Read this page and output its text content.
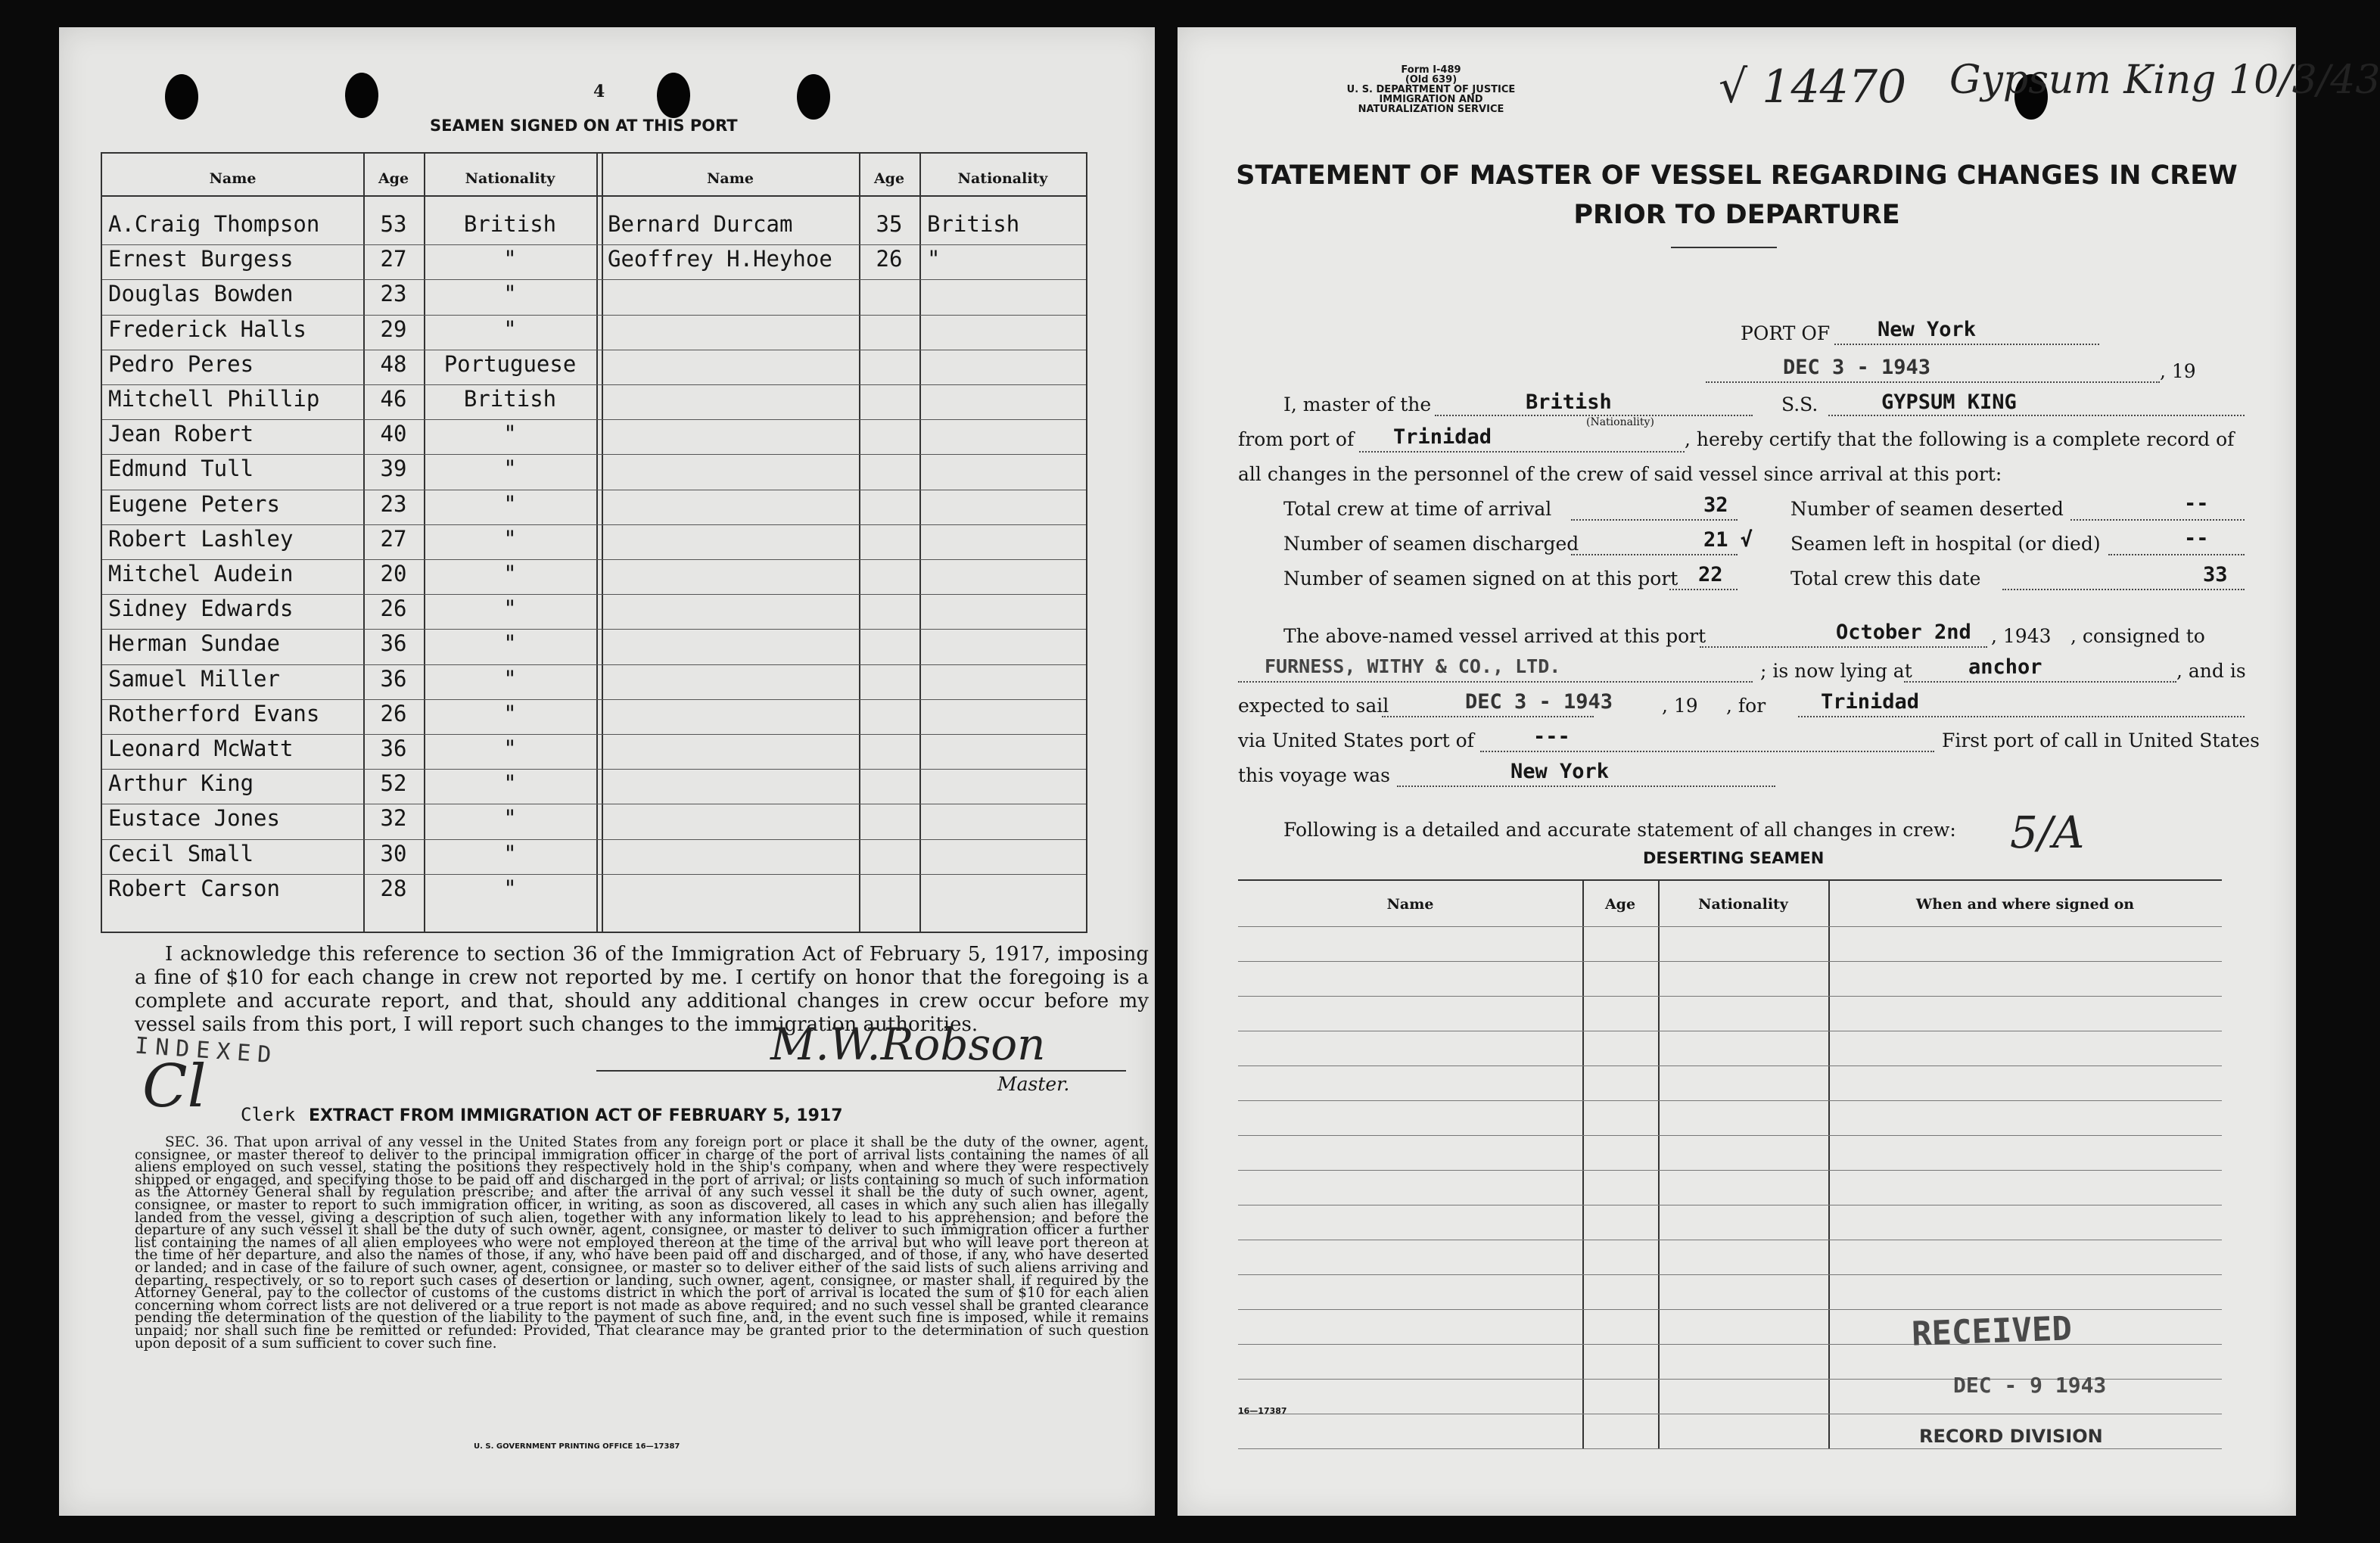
4
SEAMEN SIGNED ON AT THIS PORT
Name	Age	Nationality	Name	Age	Nationality
A.Craig Thompson	53	British	Bernard Durcam	35	British
Ernest Burgess	27	"	Geoffrey H.Heyhoe	26	"
Douglas Bowden	23	"
Frederick Halls	29	"
Pedro Peres	48	Portuguese
Mitchell Phillip	46	British
Jean Robert	40	"
Edmund Tull	39	"
Eugene Peters	23	"
Robert Lashley	27	"
Mitchel Audein	20	"
Sidney Edwards	26	"
Herman Sundae	36	"
Samuel Miller	36	"
Rotherford Evans	26	"
Leonard McWatt	36	"
Arthur King	52	"
Eustace Jones	32	"
Cecil Small	30	"
Robert Carson	28	"
I acknowledge this reference to section 36 of the Immigration Act of February 5, 1917, imposing a fine of $10 for each change in crew not reported by me. I certify on honor that the foregoing is a complete and accurate report, and that, should any additional changes in crew occur before my vessel sails from this port, I will report such changes to the immigration authorities.
M.W.Robson
Master.
INDEXED
Cl Clerk EXTRACT FROM IMMIGRATION ACT OF FEBRUARY 5, 1917
SEC. 36. That upon arrival of any vessel in the United States from any foreign port or place it shall be the duty of the owner, agent, consignee, or master thereof to deliver to the principal immigration officer in charge of the port of arrival lists containing the names of all aliens employed on such vessel, stating the positions they respectively hold in the ship's company, when and where they were respectively shipped or engaged, and specifying those to be paid off and discharged in the port of arrival; or lists containing so much of such information as the Attorney General shall by regulation prescribe; and after the arrival of any such vessel it shall be the duty of such owner, agent, consignee, or master to report to such immigration officer, in writing, as soon as discovered, all cases in which any such alien has illegally landed from the vessel, giving a description of such alien, together with any information likely to lead to his apprehension; and before the departure of any such vessel it shall be the duty of such owner, agent, consignee, or master to deliver to such immigration officer a further list containing the names of all alien employees who were not employed thereon at the time of the arrival but who will leave port thereon at the time of her departure, and also the names of those, if any, who have been paid off and discharged, and of those, if any, who have deserted or landed; and in case of the failure of such owner, agent, consignee, or master so to deliver either of the said lists of such aliens arriving and departing, respectively, or so to report such cases of desertion or landing, such owner, agent, consignee, or master shall, if required by the Attorney General, pay to the collector of customs of the customs district in which the port of arrival is located the sum of $10 for each alien concerning whom correct lists are not delivered or a true report is not made as above required; and no such vessel shall be granted clearance pending the determination of the question of the liability to the payment of such fine, and, in the event such fine is imposed, while it remains unpaid; nor shall such fine be remitted or refunded: Provided, That clearance may be granted prior to the determination of such question upon deposit of a sum sufficient to cover such fine.
U. S. GOVERNMENT PRINTING OFFICE 16—17387
Form I-489
(Old 639)
U. S. DEPARTMENT OF JUSTICE
IMMIGRATION AND NATURALIZATION SERVICE	√ 14470 Gypsum King 10/3/43
STATEMENT OF MASTER OF VESSEL REGARDING CHANGES IN CREW
PRIOR TO DEPARTURE
PORT OF New York
DEC 3 - 1943	, 19
I, master of the	British
(Nationality)
S.S.	GYPSUM KING
from port of Trinidad	, hereby certify that the following is a complete record of
all changes in the personnel of the crew of said vessel since arrival at this port:
Total crew at time of arrival	32
Number of seamen discharged	21 √
Number of seamen signed on at this port 22
Number of seamen deserted	--
Seamen left in hospital (or died)	--
Total crew this date	33
The above-named vessel arrived at this port	October 2nd , 1943 , consigned to
FURNESS, WITHY & CO., LTD.	; is now lying at	anchor	, and is
expected to sail	DEC 3 - 1943	, 19 , for	Trinidad
via United States port of	---	First port of call in United States
this voyage was	New York
Following is a detailed and accurate statement of all changes in crew: 5/A
DESERTING SEAMEN
Name	Age	Nationality	When and where signed on
RECEIVED
DEC - 9 1943
RECORD DIVISION
16—17387
